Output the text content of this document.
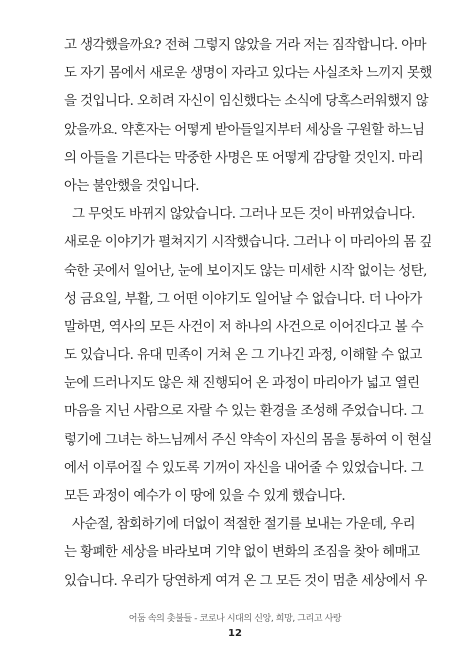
고 생각했을까요? 전혀 그렇지 않았을 거라 저는 짐작합니다. 아마
도 자기 몸에서 새로운 생명이 자라고 있다는 사실조차 느끼지 못했
을 것입니다. 오히려 자신이 임신했다는 소식에 당혹스러워했지 않
았을까요. 약혼자는 어떻게 받아들일지부터 세상을 구원할 하느님
의 아들을 기른다는 막중한 사명은 또 어떻게 감당할 것인지. 마리
아는 불안했을 것입니다.
그 무엇도 바뀌지 않았습니다. 그러나 모든 것이 바뀌었습니다.
새로운 이야기가 펼쳐지기 시작했습니다. 그러나 이 마리아의 몸 깊
숙한 곳에서 일어난, 눈에 보이지도 않는 미세한 시작 없이는 성탄,
성 금요일, 부활, 그 어떤 이야기도 일어날 수 없습니다. 더 나아가
말하면, 역사의 모든 사건이 저 하나의 사건으로 이어진다고 볼 수
도 있습니다. 유대 민족이 거쳐 온 그 기나긴 과정, 이해할 수 없고
눈에 드러나지도 않은 채 진행되어 온 과정이 마리아가 넓고 열린
마음을 지닌 사람으로 자랄 수 있는 환경을 조성해 주었습니다. 그
렇기에 그녀는 하느님께서 주신 약속이 자신의 몸을 통하여 이 현실
에서 이루어질 수 있도록 기꺼이 자신을 내어줄 수 있었습니다. 그
모든 과정이 예수가 이 땅에 있을 수 있게 했습니다.
사순절, 참회하기에 더없이 적절한 절기를 보내는 가운데, 우리
는 황폐한 세상을 바라보며 기약 없이 변화의 조짐을 찾아 헤매고
있습니다. 우리가 당연하게 여겨 온 그 모든 것이 멈춘 세상에서 우
어둠 속의 촛불들 - 코로나 시대의 신앙, 희망, 그리고 사랑
12
